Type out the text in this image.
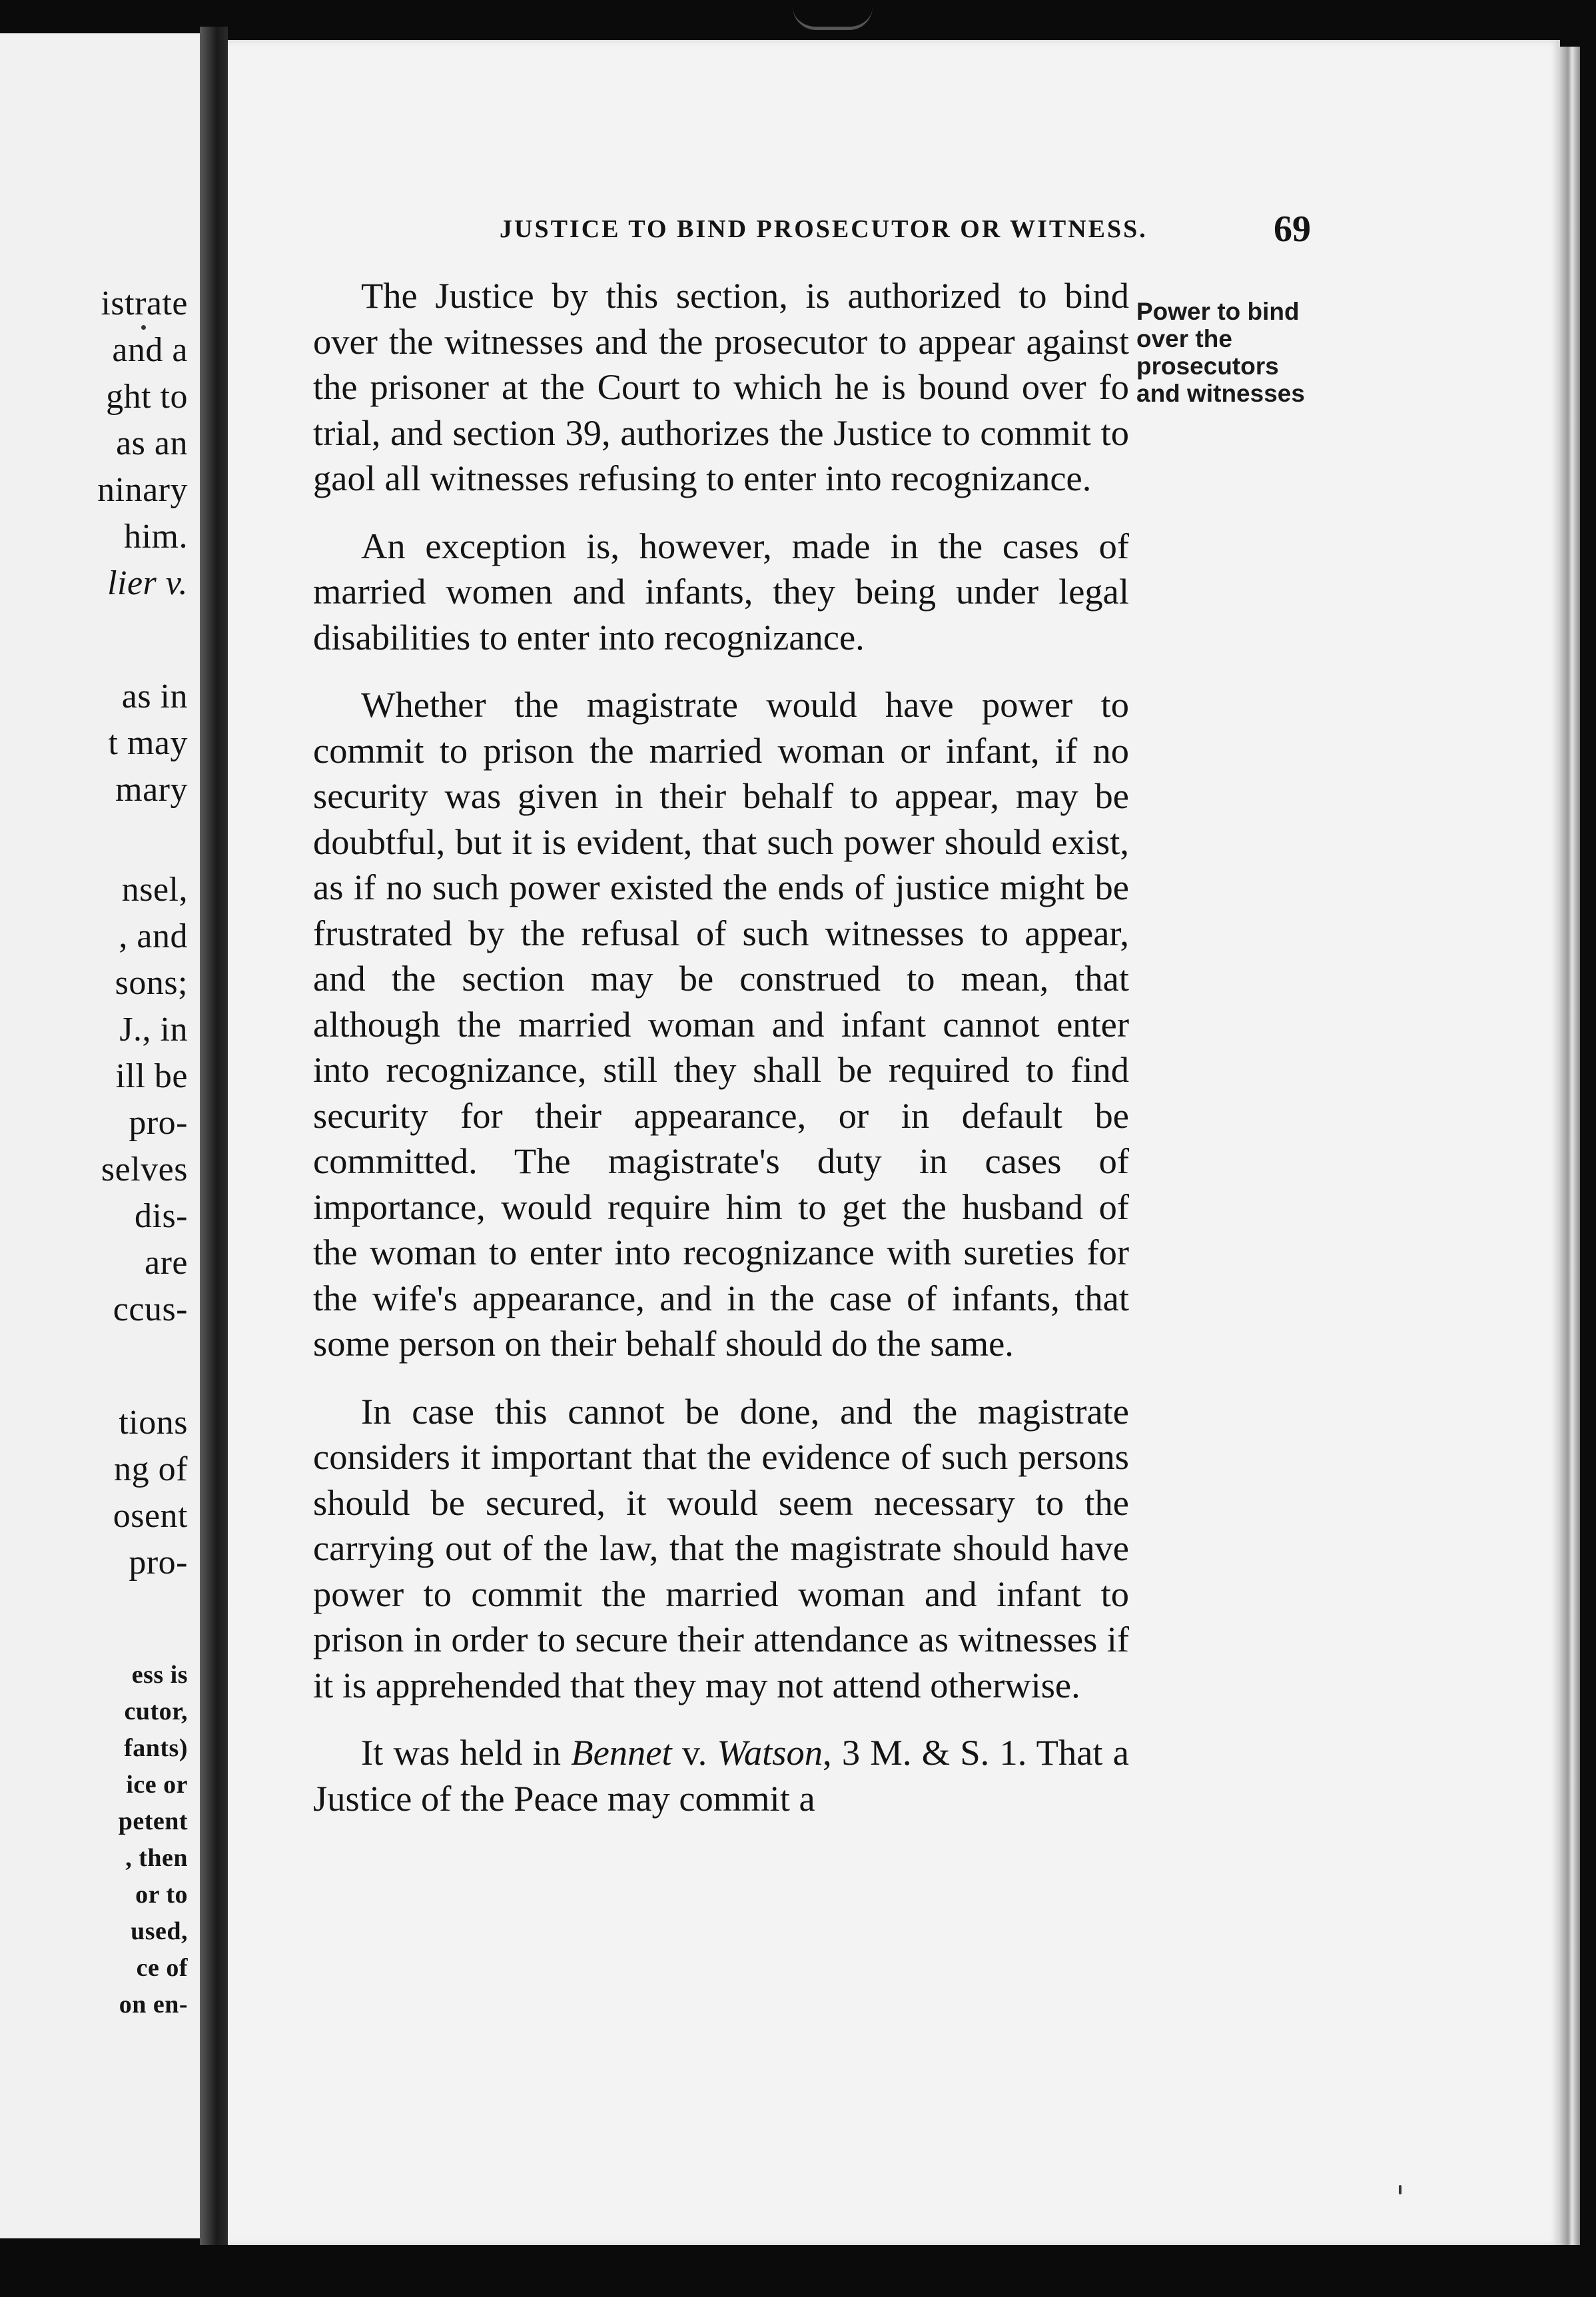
istrate
and a
ght to
as an
ninary
him.
lier v.
as in
t may
mary
nsel,
, and
sons;
J., in
ill be
pro-
selves
dis-
are
ccus-
tions
ng of
osent
pro-
ess is
cutor,
fants)
ice or
petent
, then
or to
used,
ce of
on en-
JUSTICE TO BIND PROSECUTOR OR WITNESS.	69
Power to bind
over the
prosecutors
and witnesses

The Justice by this section, is authorized to bind over the witnesses and the prosecutor to appear against the prisoner at the Court to which he is bound over fo trial, and section 39, authorizes the Justice to commit to gaol all witnesses refusing to enter into recognizance.

An exception is, however, made in the cases of married women and infants, they being under legal disabilities to enter into recognizance.

Whether the magistrate would have power to commit to prison the married woman or infant, if no security was given in their behalf to appear, may be doubtful, but it is evident, that such power should exist, as if no such power existed the ends of justice might be frustrated by the refusal of such witnesses to appear, and the section may be construed to mean, that although the married woman and infant cannot enter into recognizance, still they shall be required to find security for their appearance, or in default be committed. The magistrate's duty in cases of importance, would require him to get the husband of the woman to enter into recognizance with sureties for the wife's appearance, and in the case of infants, that some person on their behalf should do the same.

In case this cannot be done, and the magistrate considers it important that the evidence of such persons should be secured, it would seem necessary to the carrying out of the law, that the magistrate should have power to commit the married woman and infant to prison in order to secure their attendance as witnesses if it is apprehended that they may not attend otherwise.

It was held in Bennet v. Watson, 3 M. & S. 1. That a Justice of the Peace may commit a
